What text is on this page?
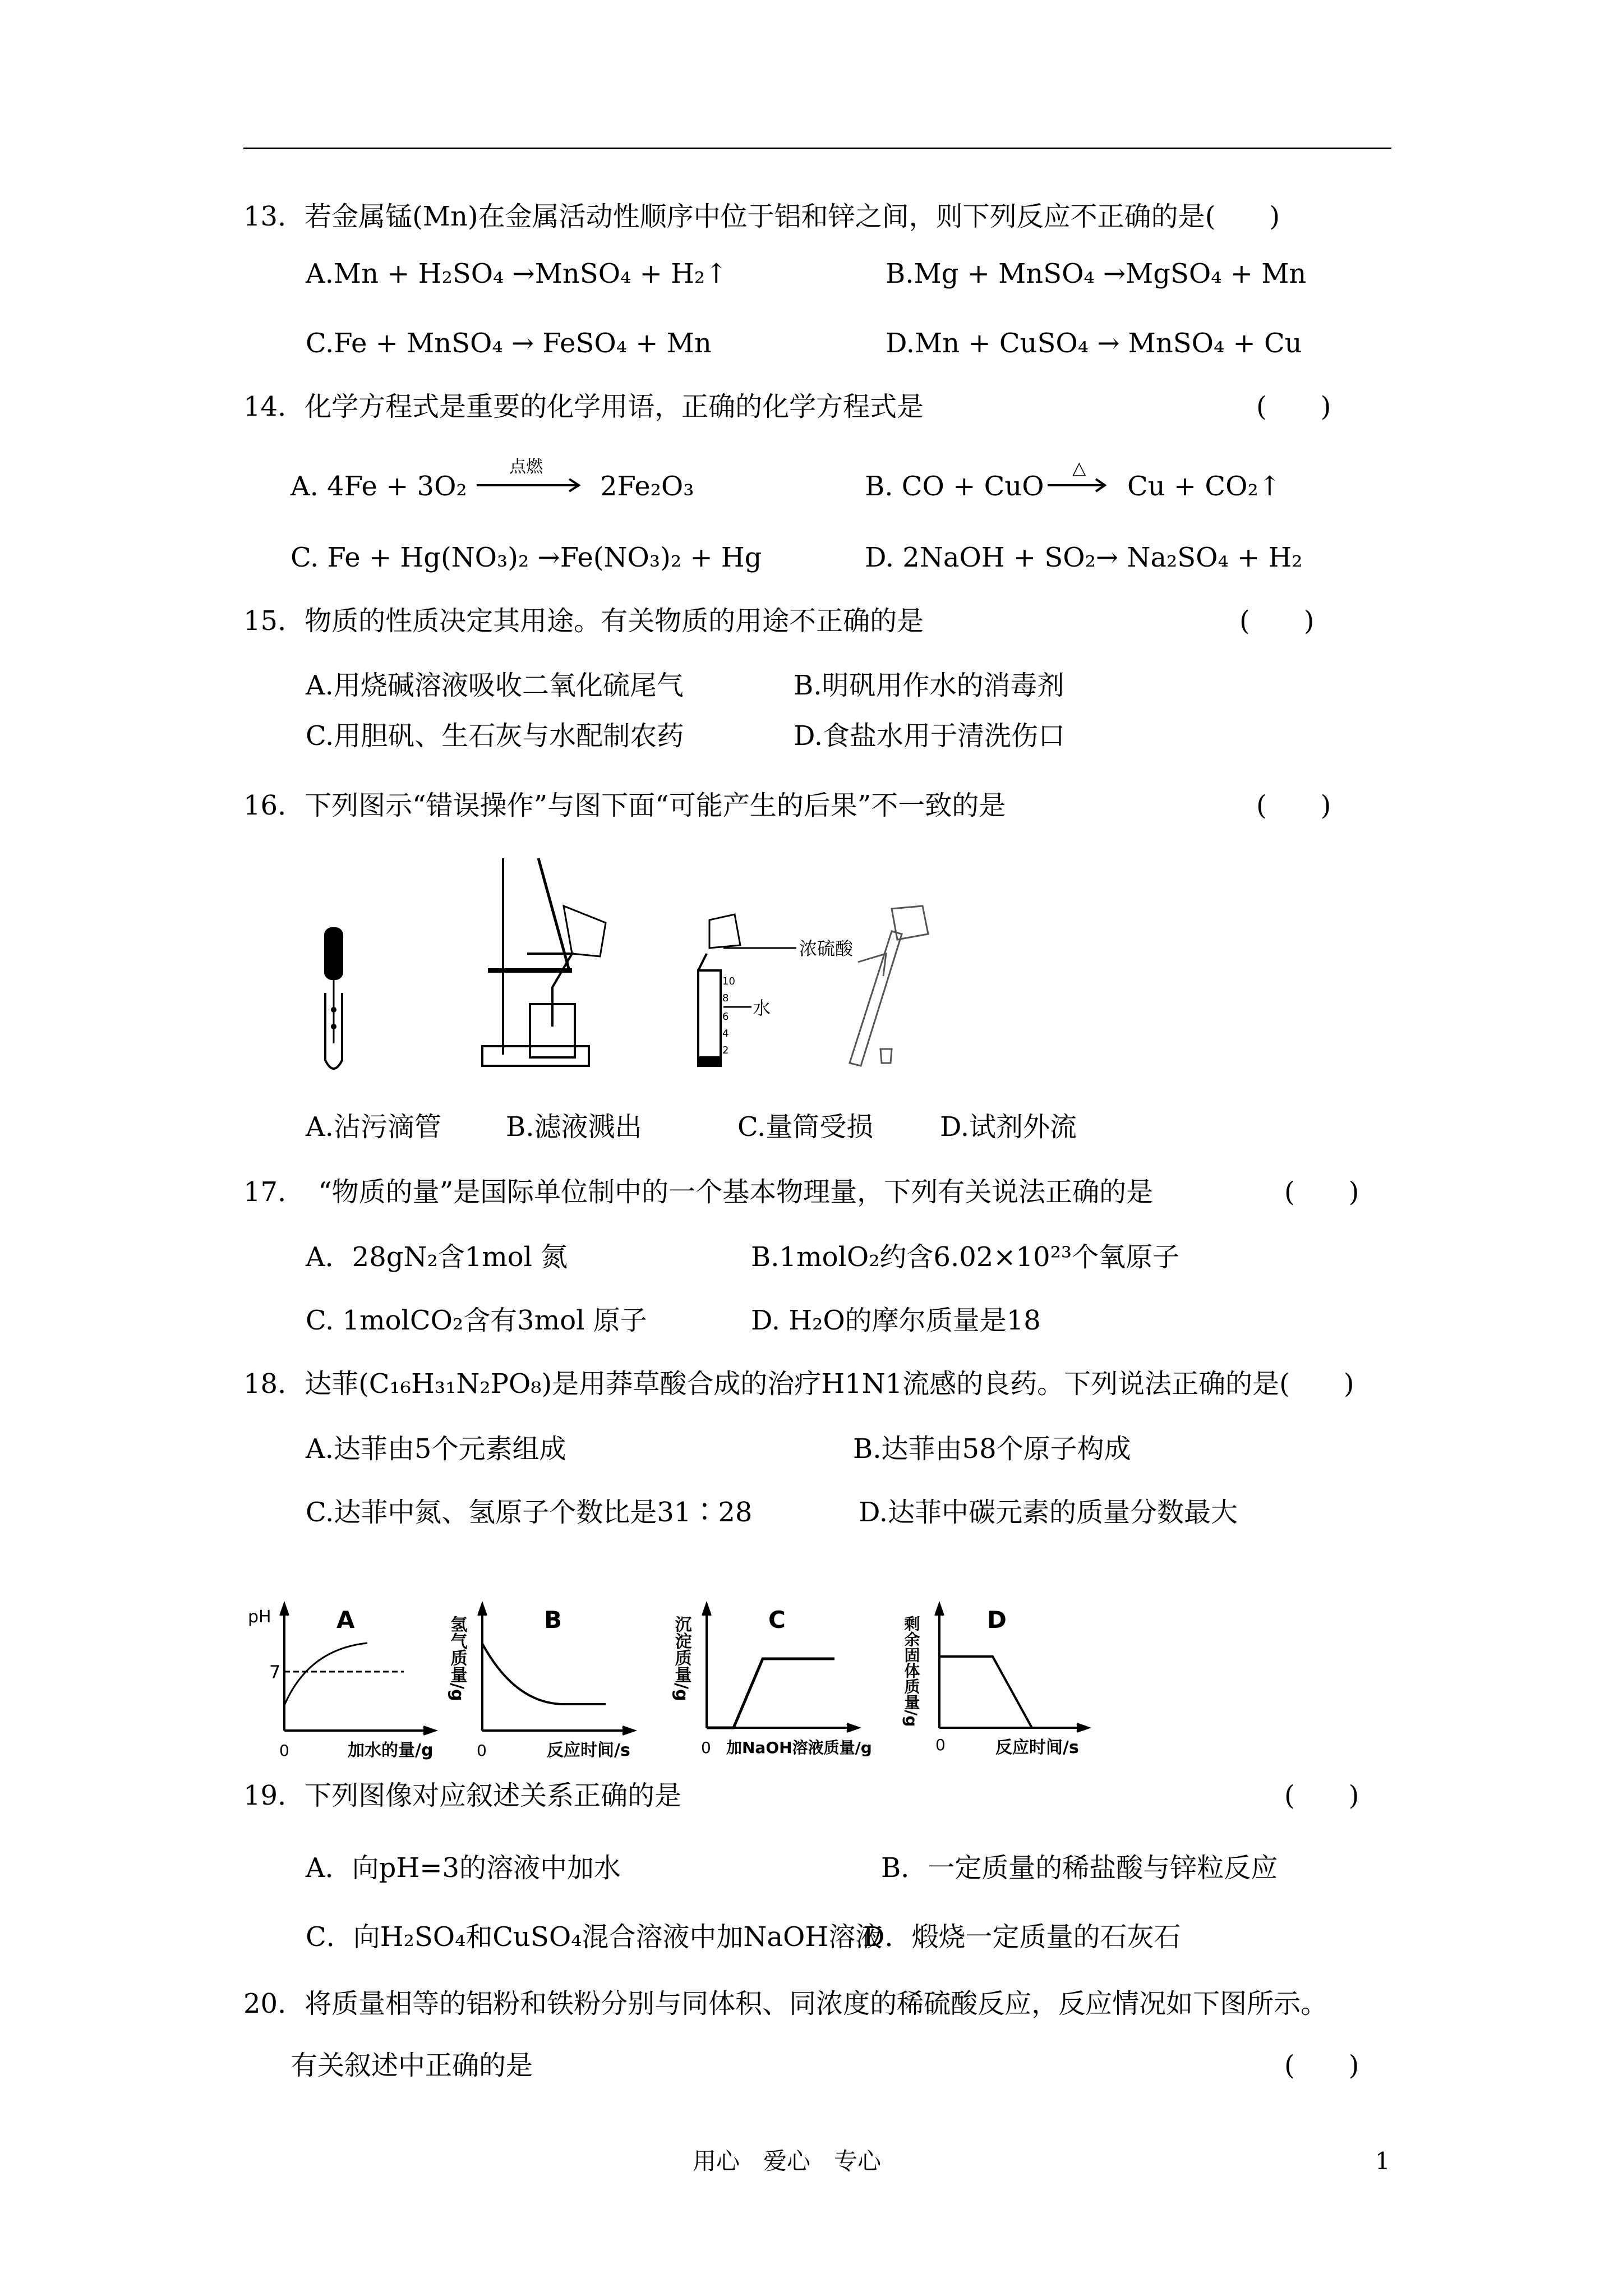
13．若金属锰(Mn)在金属活动性顺序中位于铝和锌之间，则下列反应不正确的是(　　)
A.Mn + H₂SO₄ →MnSO₄ + H₂↑	B.Mg + MnSO₄ →MgSO₄ + Mn
C.Fe + MnSO₄ → FeSO₄ + Mn	D.Mn + CuSO₄ → MnSO₄ + Cu
14．化学方程式是重要的化学用语，正确的化学方程式是	(　　)
A. 4Fe + 3O₂
点燃
2Fe₂O₃	B. CO + CuO
△
Cu + CO₂↑
C. Fe + Hg(NO₃)₂ →Fe(NO₃)₂ + Hg	D. 2NaOH + SO₂→ Na₂SO₄ + H₂
15．物质的性质决定其用途。有关物质的用途不正确的是	(　　)
A.用烧碱溶液吸收二氧化硫尾气	B.明矾用作水的消毒剂
C.用胆矾、生石灰与水配制农药	D.食盐水用于清洗伤口
16．下列图示“错误操作”与图下面“可能产生的后果”不一致的是	(　　)
浓硫酸
水
10
8
6
4
2
A.沾污滴管 B.滤液溅出	C.量筒受损 D.试剂外流
17．　“物质的量”是国际单位制中的一个基本物理量，下列有关说法正确的是	(　　)
A．28gN₂含1mol 氮	B.1molO₂约含6.02×10²³个氧原子
C. 1molCO₂含有3mol 原子	D. H₂O的摩尔质量是18
18．达菲(C₁₆H₃₁N₂PO₈)是用莽草酸合成的治疗H1N1流感的良药。下列说法正确的是(　　)
A.达菲由5个元素组成	B.达菲由58个原子构成
C.达菲中氮、氢原子个数比是31∶28	D.达菲中碳元素的质量分数最大
pH	A
7
0	加水的量/g
氢气质量/g	B
0	反应时间/s
沉淀质量/g	C
0 加NaOH溶液质量/g
剩余固体质量/g	D
0	反应时间/s
19．下列图像对应叙述关系正确的是	(　　)
A．向pH=3的溶液中加水	B．一定质量的稀盐酸与锌粒反应
C．向H₂SO₄和CuSO₄混合溶液中加NaOH溶液
D．煅烧一定质量的石灰石
20．将质量相等的铝粉和铁粉分别与同体积、同浓度的稀硫酸反应，反应情况如下图所示。
有关叙述中正确的是	(　　)
用心　爱心　专心	1
